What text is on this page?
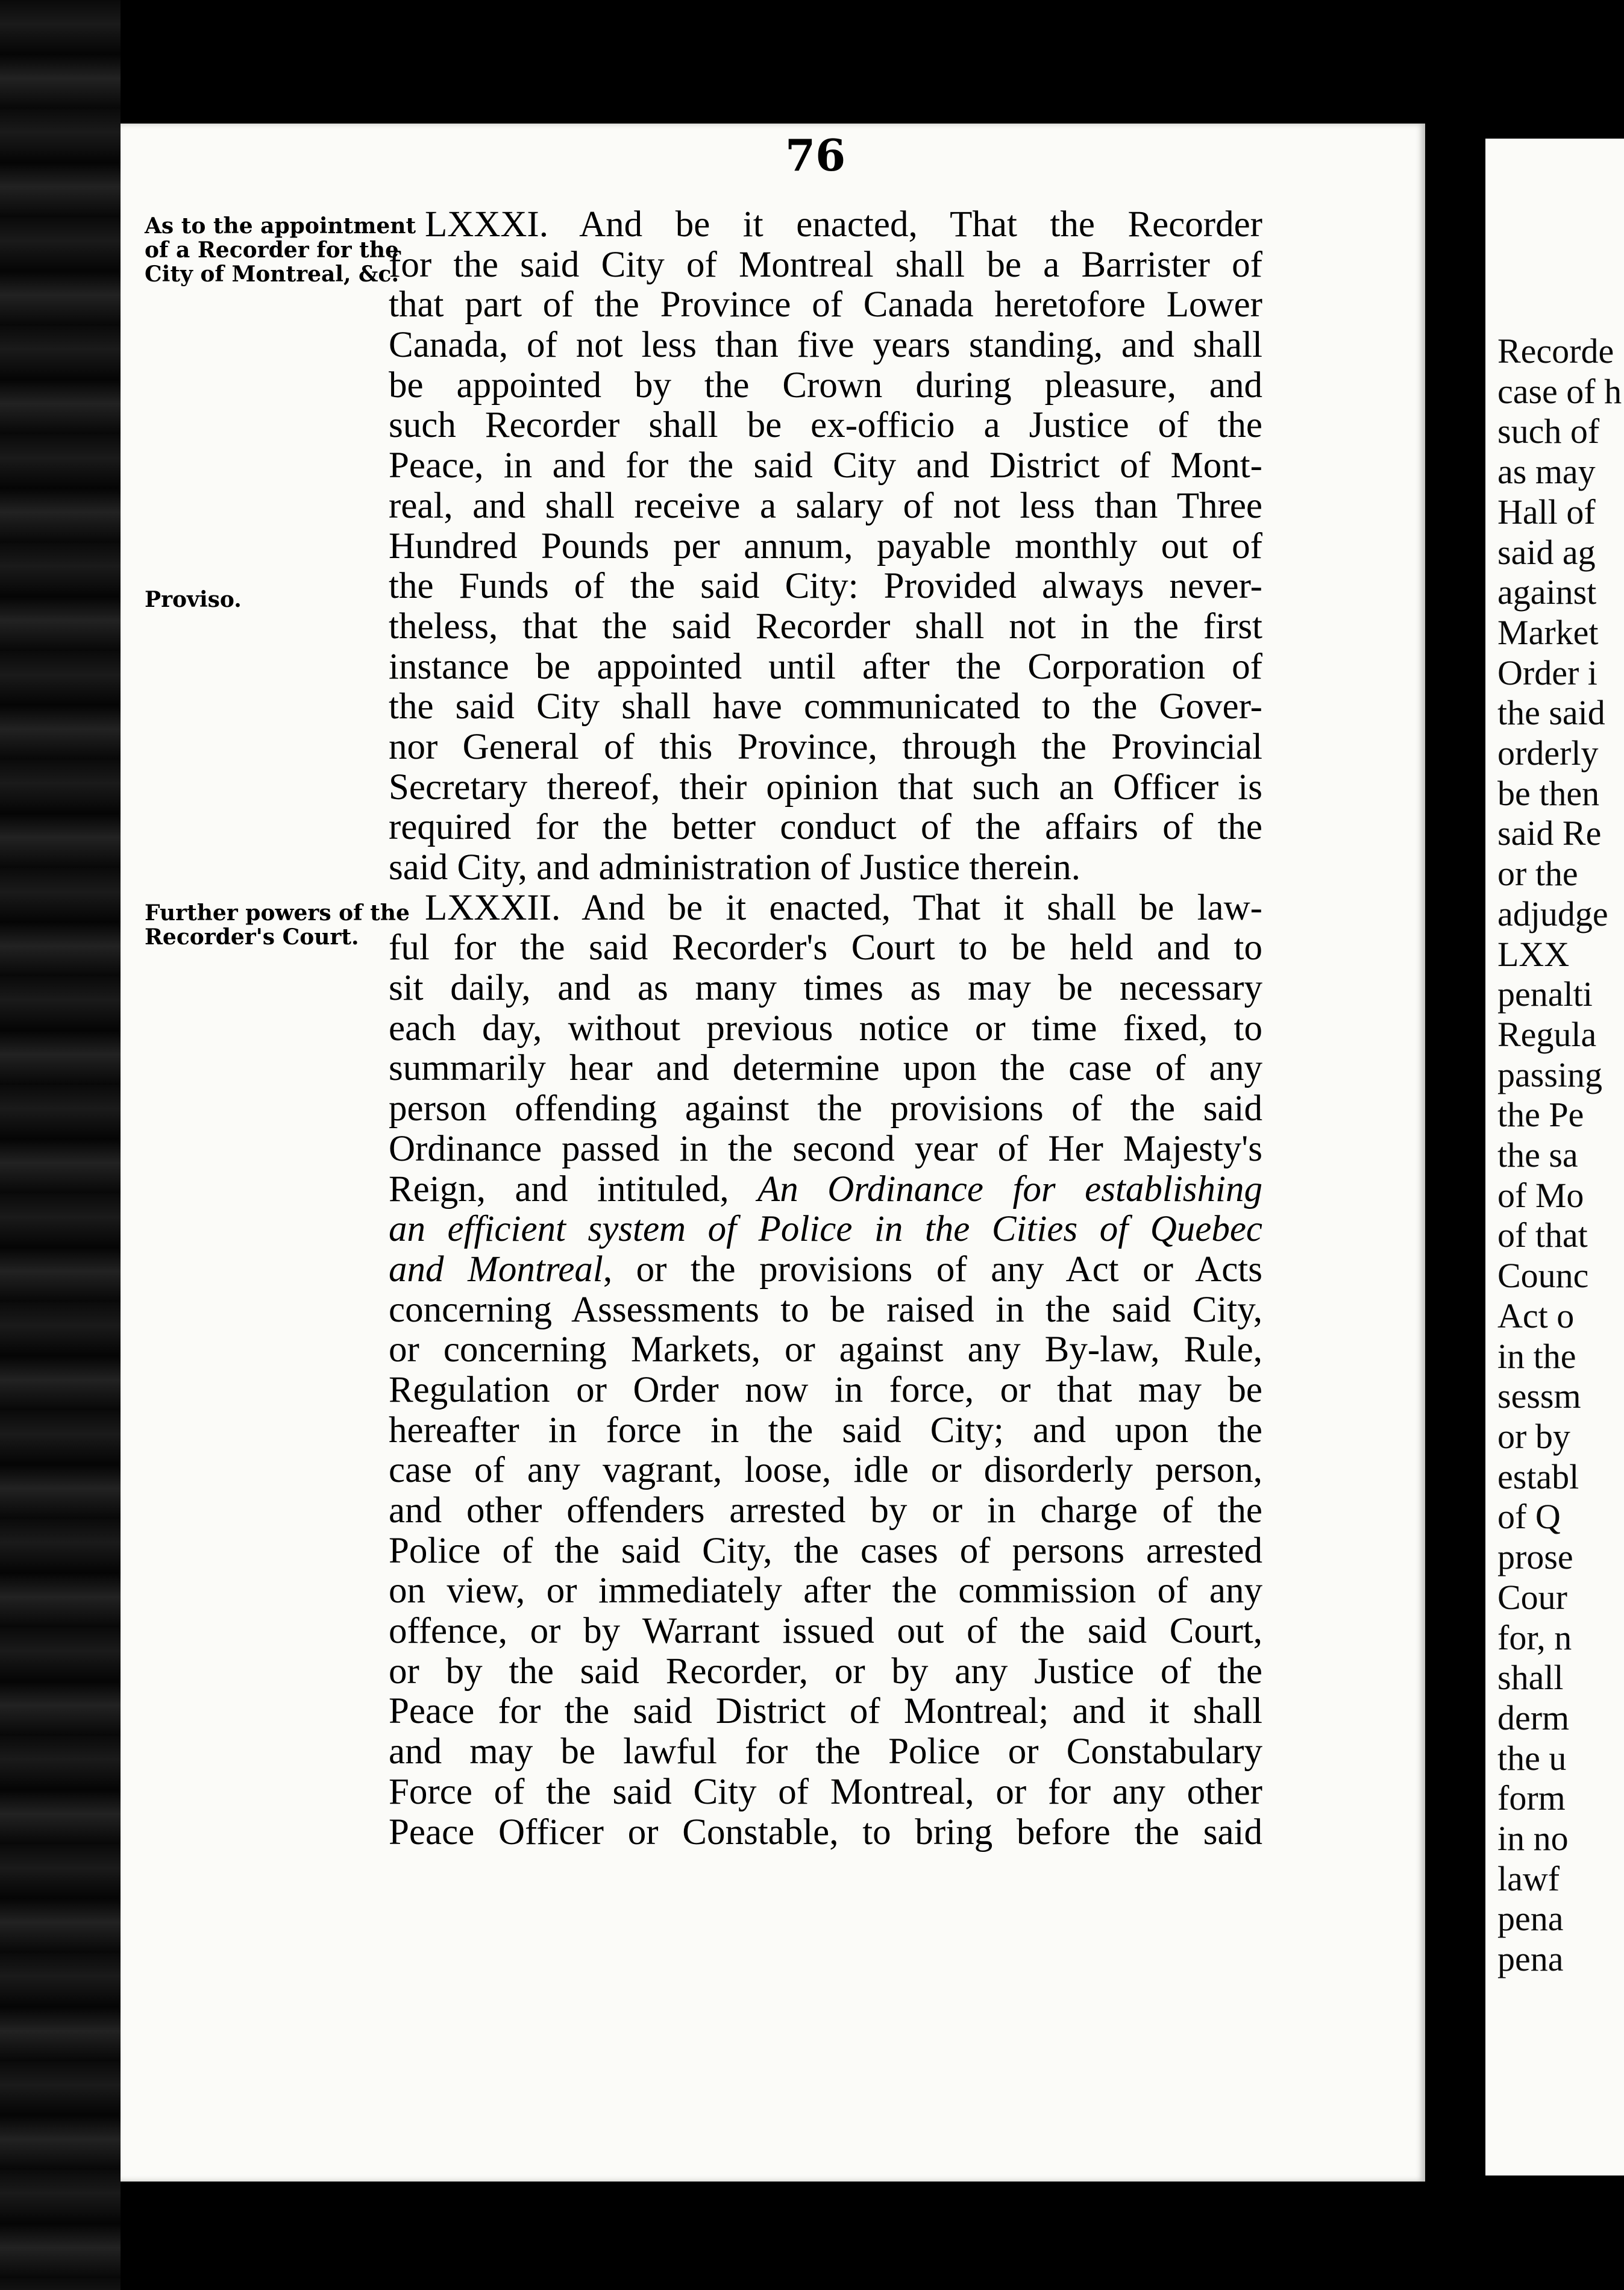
Recorde
case of h
such of
as may
Hall of
said ag
against
Market
Order i
the said
orderly
be then
said Re
or the
adjudge
LXX
penalti
Regula
passing
the Pe
the sa
of Mo
of that
Counc
Act o
in the
sessm
or by
establ
of Q
prose
Cour
for, n
shall
derm
the u
form
in no
lawf
pena
pena
76
As to the appointment
of a Recorder for the
City of Montreal, &c.
Proviso.
Further powers of the
Recorder's Court.
LXXXI. And be it enacted, That the Recorder
for the said City of Montreal shall be a Barrister of
that part of the Province of Canada heretofore Lower
Canada, of not less than five years standing, and shall
be appointed by the Crown during pleasure, and
such Recorder shall be ex-officio a Justice of the
Peace, in and for the said City and District of Mont-
real, and shall receive a salary of not less than Three
Hundred Pounds per annum, payable monthly out of
the Funds of the said City: Provided always never-
theless, that the said Recorder shall not in the first
instance be appointed until after the Corporation of
the said City shall have communicated to the Gover-
nor General of this Province, through the Provincial
Secretary thereof, their opinion that such an Officer is
required for the better conduct of the affairs of the
said City, and administration of Justice therein.
LXXXII. And be it enacted, That it shall be law-
ful for the said Recorder's Court to be held and to
sit daily, and as many times as may be necessary
each day, without previous notice or time fixed, to
summarily hear and determine upon the case of any
person offending against the provisions of the said
Ordinance passed in the second year of Her Majesty's
Reign, and intituled, An Ordinance for establishing
an efficient system of Police in the Cities of Quebec
and Montreal, or the provisions of any Act or Acts
concerning Assessments to be raised in the said City,
or concerning Markets, or against any By-law, Rule,
Regulation or Order now in force, or that may be
hereafter in force in the said City; and upon the
case of any vagrant, loose, idle or disorderly person,
and other offenders arrested by or in charge of the
Police of the said City, the cases of persons arrested
on view, or immediately after the commission of any
offence, or by Warrant issued out of the said Court,
or by the said Recorder, or by any Justice of the
Peace for the said District of Montreal; and it shall
and may be lawful for the Police or Constabulary
Force of the said City of Montreal, or for any other
Peace Officer or Constable, to bring before the said
